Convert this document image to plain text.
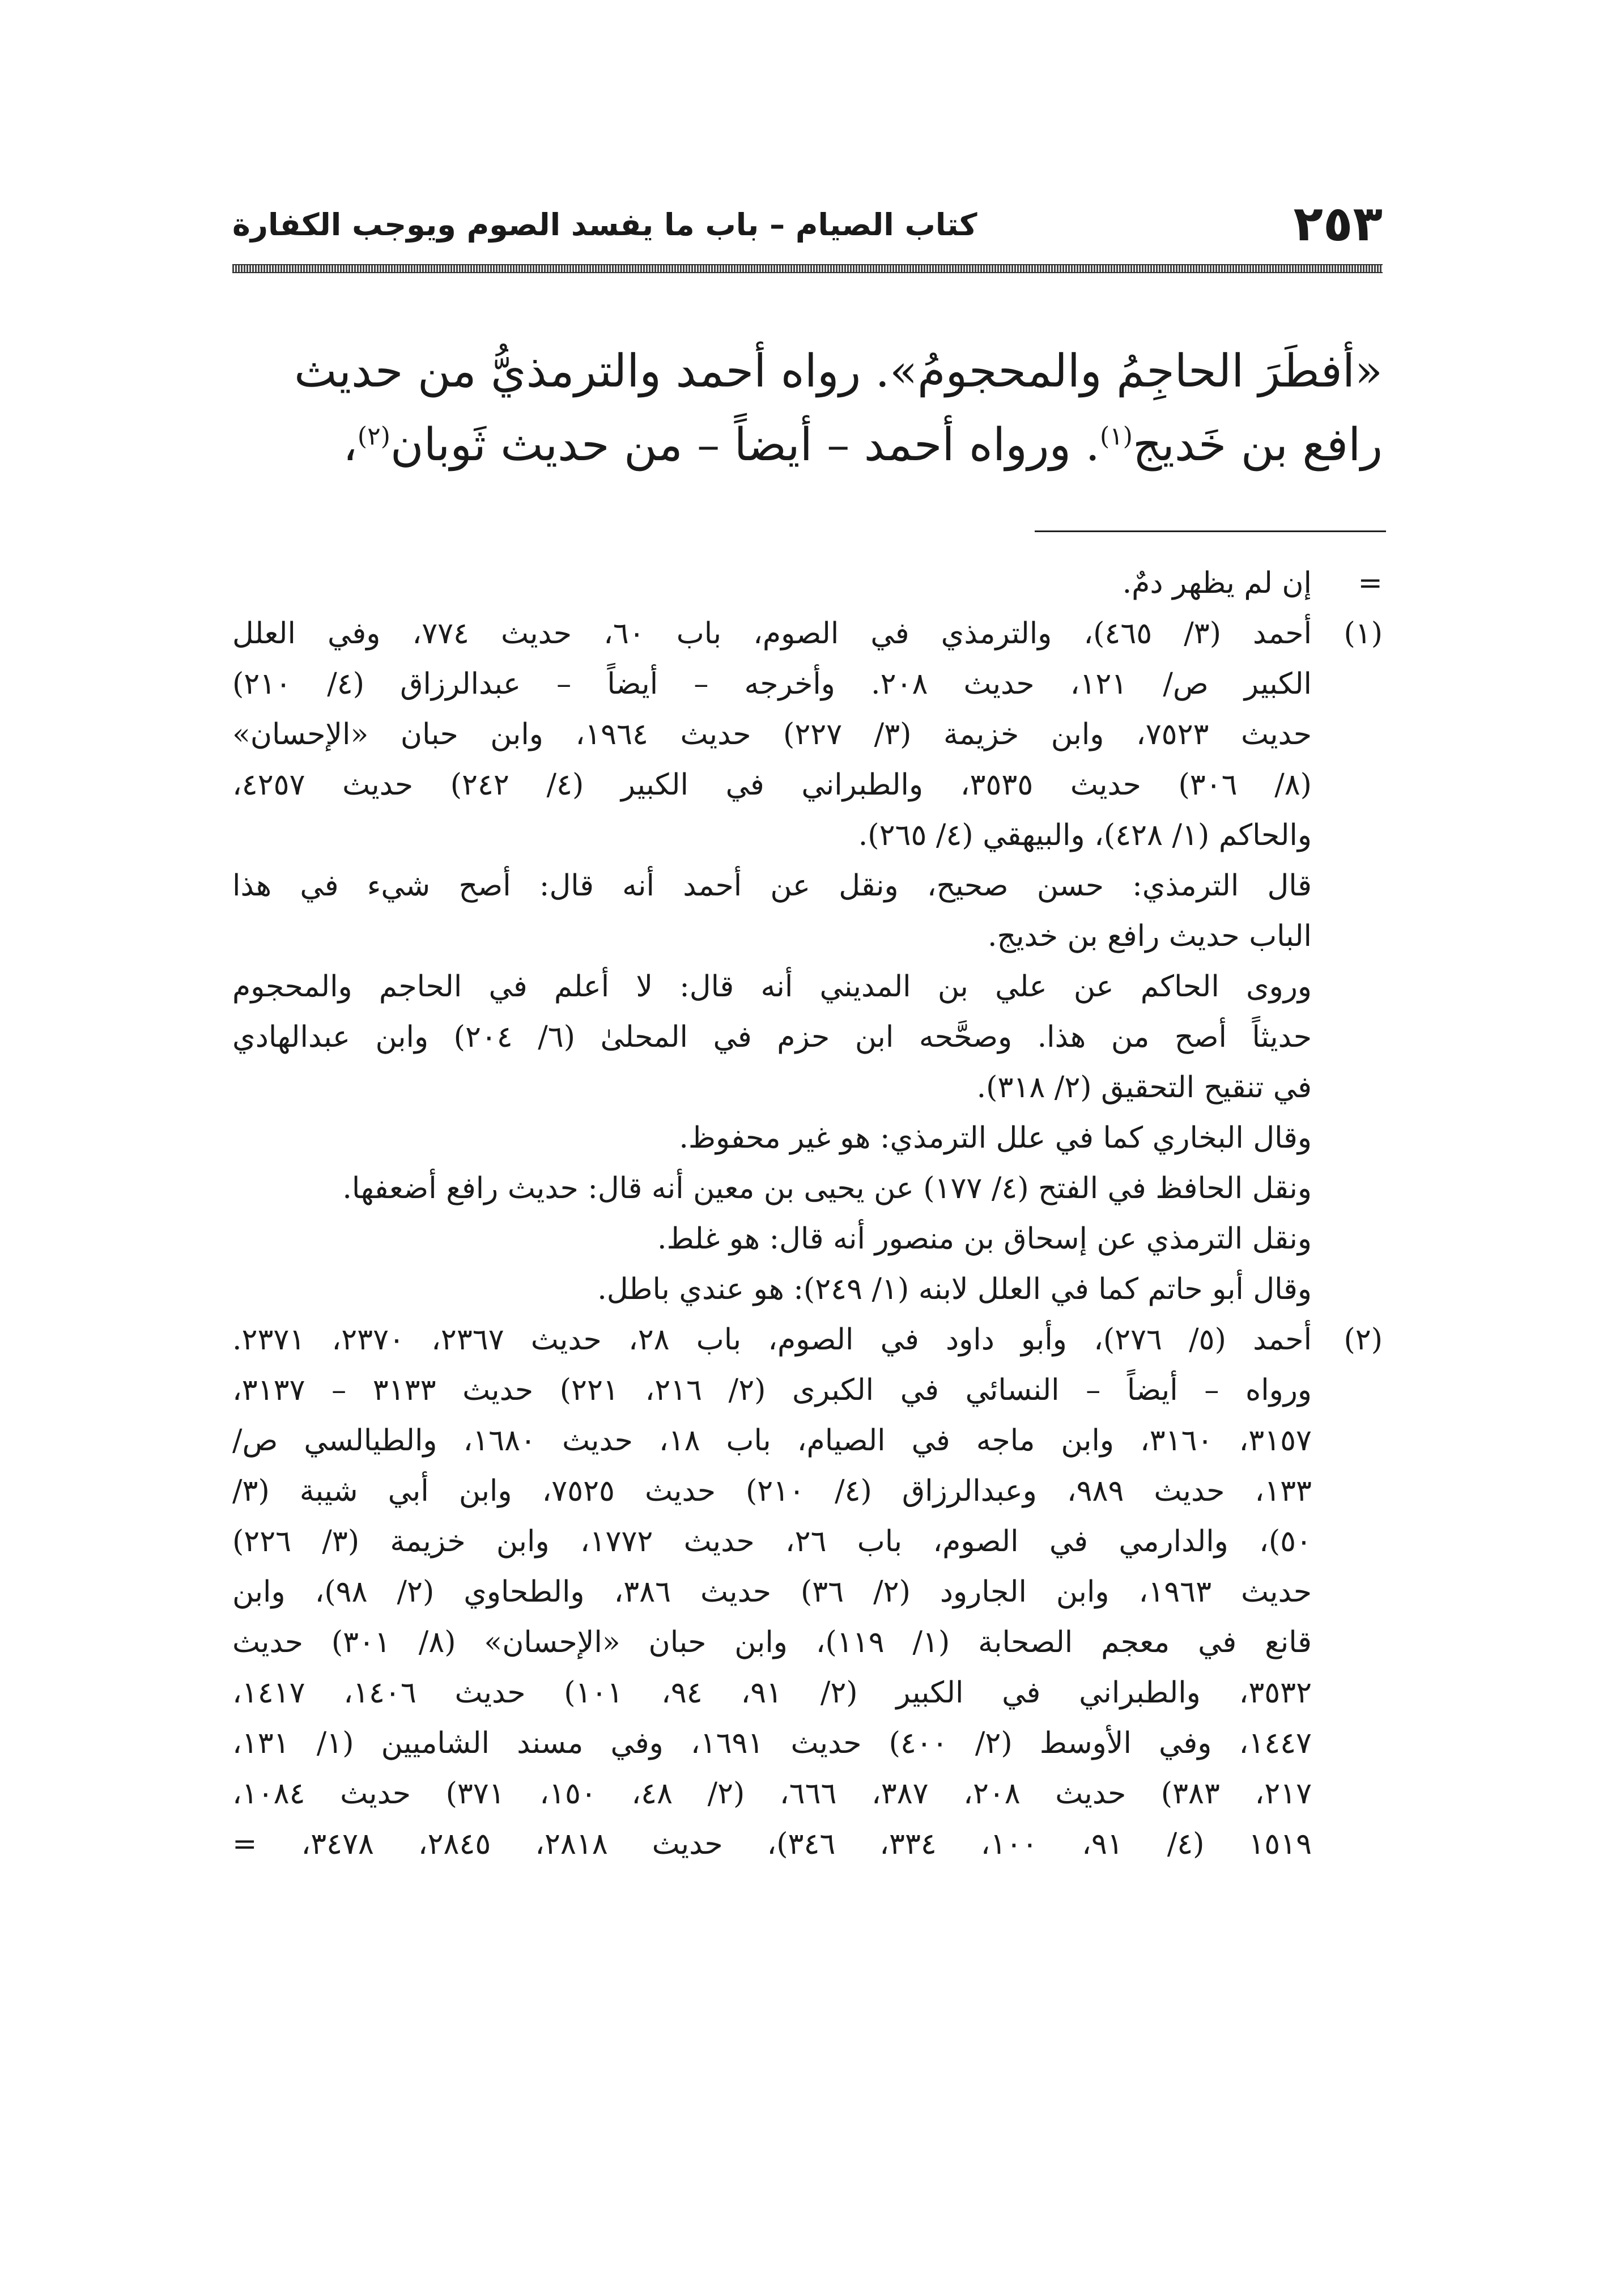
٢٥٣
كتاب الصيام – باب ما يفسد الصوم ويوجب الكفارة
«أفطَرَ الحاجِمُ والمحجومُ». رواه أحمد والترمذيُّ من حديث
رافع بن خَديج$^{(١)}$. ورواه أحمد – أيضاً – من حديث ثَوبان$^{(٢)}$،
=
إن لم يظهر دمٌ.
(١)
أحمد (٣/ ٤٦٥)، والترمذي في الصوم، باب ٦٠، حديث ٧٧٤، وفي العلل
الكبير ص/ ١٢١، حديث ٢٠٨. وأخرجه – أيضاً – عبدالرزاق (٤/ ٢١٠)
حديث ٧٥٢٣، وابن خزيمة (٣/ ٢٢٧) حديث ١٩٦٤، وابن حبان «الإحسان»
(٨/ ٣٠٦) حديث ٣٥٣٥، والطبراني في الكبير (٤/ ٢٤٢) حديث ٤٢٥٧،
والحاكم (١/ ٤٢٨)، والبيهقي (٤/ ٢٦٥).
قال الترمذي: حسن صحيح، ونقل عن أحمد أنه قال: أصح شيء في هذا
الباب حديث رافع بن خديج.
وروى الحاكم عن علي بن المديني أنه قال: لا أعلم في الحاجم والمحجوم
حديثاً أصح من هذا. وصحَّحه ابن حزم في المحلىٰ (٦/ ٢٠٤) وابن عبدالهادي
في تنقيح التحقيق (٢/ ٣١٨).
وقال البخاري كما في علل الترمذي: هو غير محفوظ.
ونقل الحافظ في الفتح (٤/ ١٧٧) عن يحيى بن معين أنه قال: حديث رافع أضعفها.
ونقل الترمذي عن إسحاق بن منصور أنه قال: هو غلط.
وقال أبو حاتم كما في العلل لابنه (١/ ٢٤٩): هو عندي باطل.
(٢)
أحمد (٥/ ٢٧٦)، وأبو داود في الصوم، باب ٢٨، حديث ٢٣٦٧، ٢٣٧٠، ٢٣٧١.
ورواه – أيضاً – النسائي في الكبرى (٢/ ٢١٦، ٢٢١) حديث ٣١٣٣ – ٣١٣٧،
٣١٥٧، ٣١٦٠، وابن ماجه في الصيام، باب ١٨، حديث ١٦٨٠، والطيالسي ص/
١٣٣، حديث ٩٨٩، وعبدالرزاق (٤/ ٢١٠) حديث ٧٥٢٥، وابن أبي شيبة (٣/
٥٠)، والدارمي في الصوم، باب ٢٦، حديث ١٧٧٢، وابن خزيمة (٣/ ٢٢٦)
حديث ١٩٦٣، وابن الجارود (٢/ ٣٦) حديث ٣٨٦، والطحاوي (٢/ ٩٨)، وابن
قانع في معجم الصحابة (١/ ١١٩)، وابن حبان «الإحسان» (٨/ ٣٠١) حديث
٣٥٣٢، والطبراني في الكبير (٢/ ٩١، ٩٤، ١٠١) حديث ١٤٠٦، ١٤١٧،
١٤٤٧، وفي الأوسط (٢/ ٤٠٠) حديث ١٦٩١، وفي مسند الشاميين (١/ ١٣١،
٢١٧، ٣٨٣) حديث ٢٠٨، ٣٨٧، ٦٦٦، (٢/ ٤٨، ١٥٠، ٣٧١) حديث ١٠٨٤،
١٥١٩ (٤/ ٩١، ١٠٠، ٣٣٤، ٣٤٦)، حديث ٢٨١٨، ٢٨٤٥، ٣٤٧٨، =
